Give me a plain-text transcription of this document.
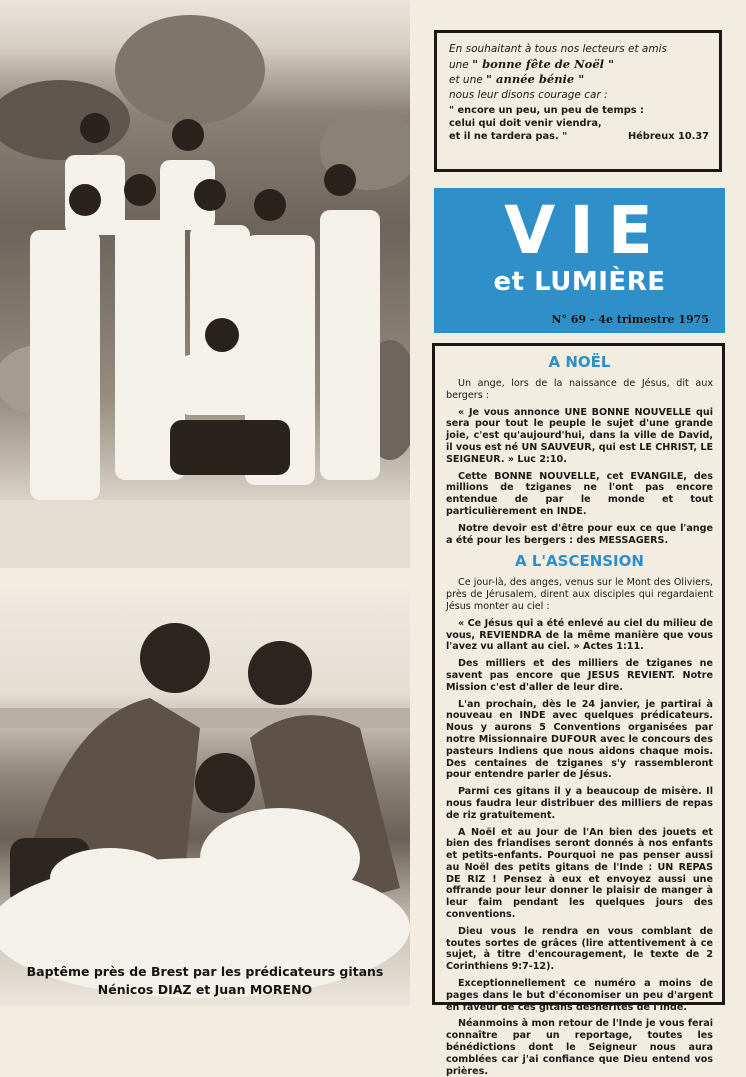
Baptême près de Brest par les prédicateurs gitans
Nénicos DIAZ et Juan MORENO
En souhaitant à tous nos lecteurs et amis
une " bonne fête de Noël "
et une " année bénie "
nous leur disons courage car :
" encore un peu, un peu de temps :
celui qui doit venir viendra,
et il ne tardera pas. "	Hébreux 10.37
VIE
et LUMIÈRE
N° 69 - 4e trimestre 1975
A NOËL

Un ange, lors de la naissance de Jésus, dit aux bergers :

« Je vous annonce UNE BONNE NOUVELLE qui sera pour tout le peuple le sujet d'une grande joie, c'est qu'aujourd'hui, dans la ville de David, il vous est né UN SAUVEUR, qui est LE CHRIST, LE SEIGNEUR. » Luc 2:10.

Cette BONNE NOUVELLE, cet EVANGILE, des millions de tziganes ne l'ont pas encore entendue de par le monde et tout particulièrement en INDE.

Notre devoir est d'être pour eux ce que l'ange a été pour les bergers : des MESSAGERS.

A L'ASCENSION

Ce jour-là, des anges, venus sur le Mont des Oliviers, près de Jérusalem, dirent aux disciples qui regardaient Jésus monter au ciel :

« Ce Jésus qui a été enlevé au ciel du milieu de vous, REVIENDRA de la même manière que vous l'avez vu allant au ciel. » Actes 1:11.

Des milliers et des milliers de tziganes ne savent pas encore que JESUS REVIENT. Notre Mission c'est d'aller de leur dire.

L'an prochain, dès le 24 janvier, je partirai à nouveau en INDE avec quelques prédicateurs. Nous y aurons 5 Conventions organisées par notre Missionnaire DUFOUR avec le concours des pasteurs Indiens que nous aidons chaque mois. Des centaines de tziganes s'y rassembleront pour entendre parler de Jésus.

Parmi ces gitans il y a beaucoup de misère. Il nous faudra leur distribuer des milliers de repas de riz gratuitement.

A Noël et au Jour de l'An bien des jouets et bien des friandises seront donnés à nos enfants et petits-enfants. Pourquoi ne pas penser aussi au Noël des petits gitans de l'Inde : UN REPAS DE RIZ ! Pensez à eux et envoyez aussi une offrande pour leur donner le plaisir de manger à leur faim pendant les quelques jours des conventions.

Dieu vous le rendra en vous comblant de toutes sortes de grâces (lire attentivement à ce sujet, à titre d'encouragement, le texte de 2 Corinthiens 9:7-12).

Exceptionnellement ce numéro a moins de pages dans le but d'économiser un peu d'argent en faveur de ces gitans déshérités de l'Inde.

Néanmoins à mon retour de l'Inde je vous ferai connaître par un reportage, toutes les bénédictions dont le Seigneur nous aura comblées car j'ai confiance que Dieu entend vos prières.
